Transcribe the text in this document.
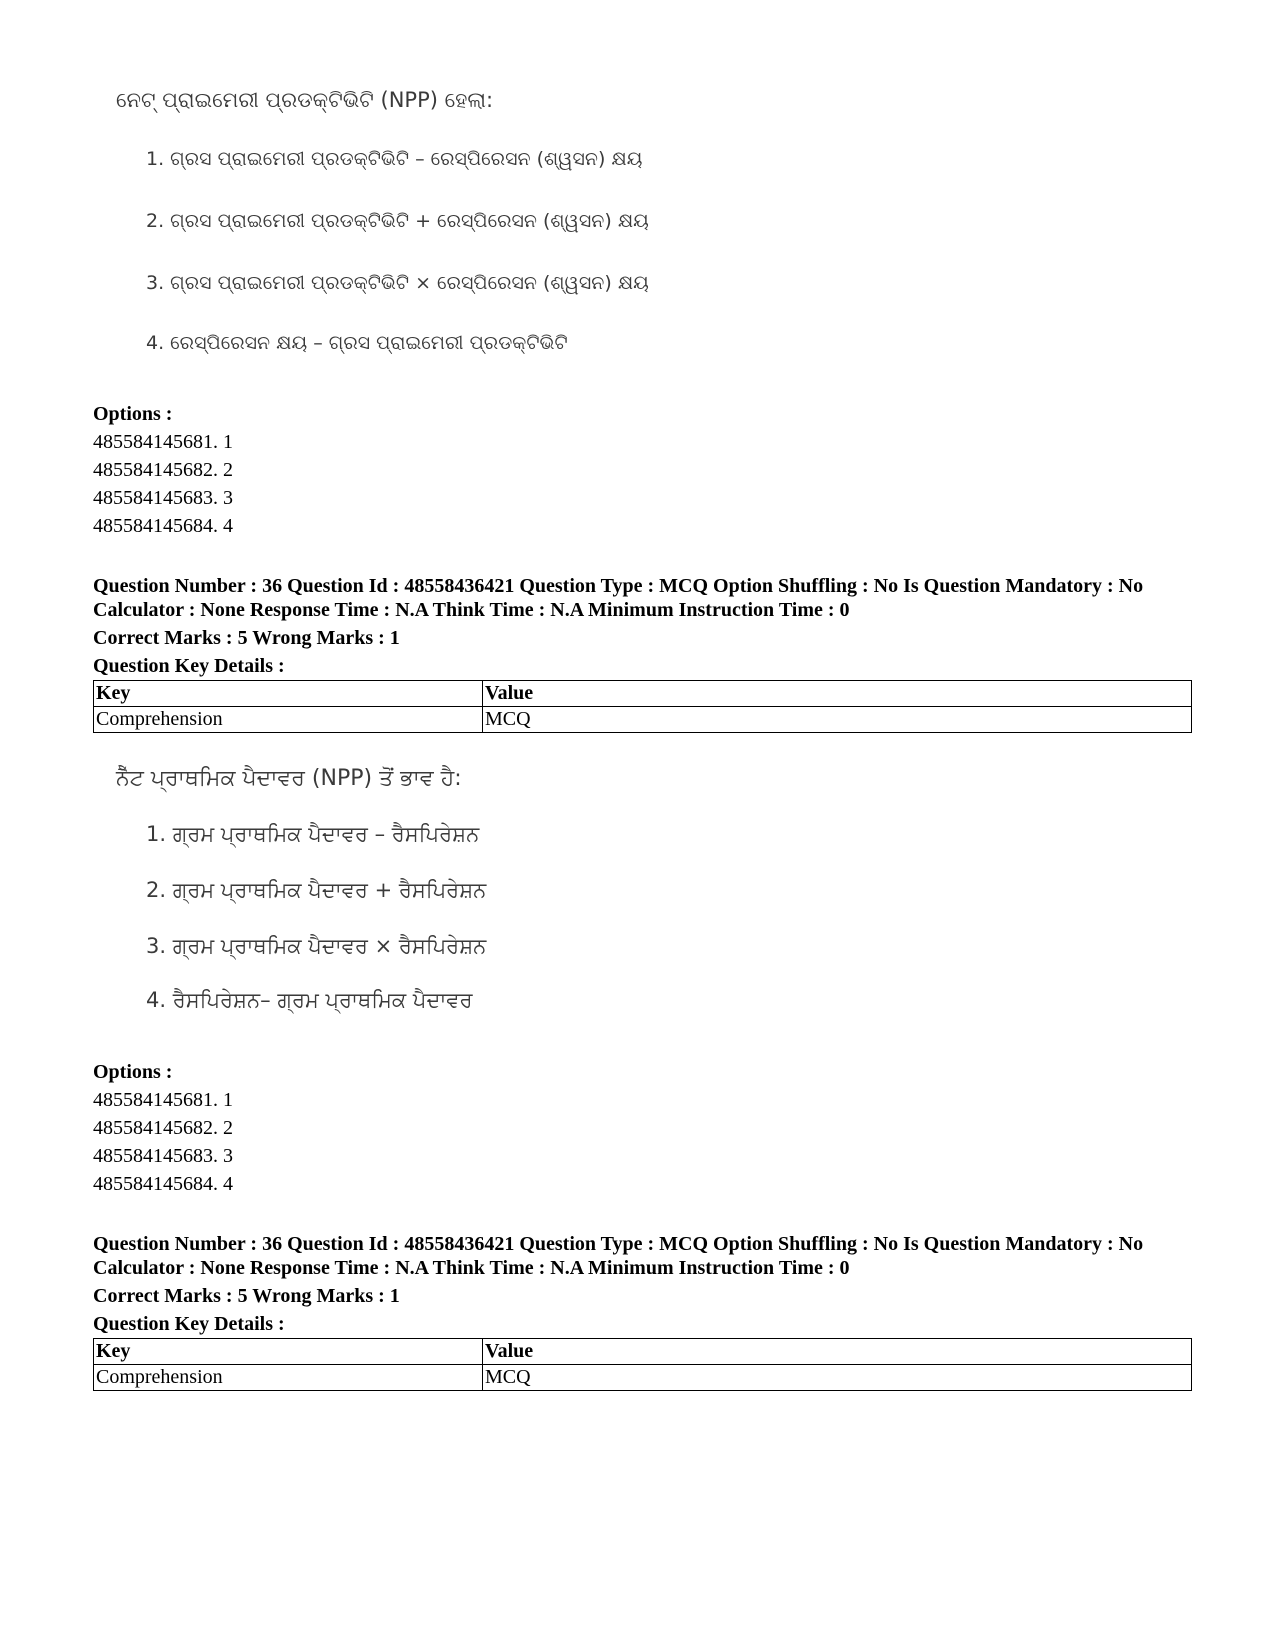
ନେଟ୍ ପ୍ରାଇମେରୀ ପ୍ରଡକ୍ଟିଭିଟି (NPP) ହେଲା:
1. ଗ୍ରସ ପ୍ରାଇମେରୀ ପ୍ରଡକ୍ଟିଭିଟି – ରେସ୍ପିରେସନ (ଶ୍ୱସନ) କ୍ଷୟ
2. ଗ୍ରସ ପ୍ରାଇମେରୀ ପ୍ରଡକ୍ଟିଭିଟି + ରେସ୍ପିରେସନ (ଶ୍ୱସନ) କ୍ଷୟ
3. ଗ୍ରସ ପ୍ରାଇମେରୀ ପ୍ରଡକ୍ଟିଭିଟି × ରେସ୍ପିରେସନ (ଶ୍ୱସନ) କ୍ଷୟ
4. ରେସ୍ପିରେସନ କ୍ଷୟ – ଗ୍ରସ ପ୍ରାଇମେରୀ ପ୍ରଡକ୍ଟିଭିଟି
Options :
485584145681. 1
485584145682. 2
485584145683. 3
485584145684. 4
Question Number : 36 Question Id : 48558436421 Question Type : MCQ Option Shuffling : No Is Question Mandatory : No Calculator : None Response Time : N.A Think Time : N.A Minimum Instruction Time : 0
Correct Marks : 5 Wrong Marks : 1
Question Key Details :
Key	Value
Comprehension	MCQ
ਨੈੱਟ ਪ੍ਰਾਥਮਿਕ ਪੈਦਾਵਰ (NPP) ਤੋਂ ਭਾਵ ਹੈ:
1. ਗ੍ਰਮ ਪ੍ਰਾਥਮਿਕ ਪੈਦਾਵਰ – ਰੈਸਪਿਰੇਸ਼ਨ
2. ਗ੍ਰਮ ਪ੍ਰਾਥਮਿਕ ਪੈਦਾਵਰ + ਰੈਸਪਿਰੇਸ਼ਨ
3. ਗ੍ਰਮ ਪ੍ਰਾਥਮਿਕ ਪੈਦਾਵਰ × ਰੈਸਪਿਰੇਸ਼ਨ
4. ਰੈਸਪਿਰੇਸ਼ਨ– ਗ੍ਰਮ ਪ੍ਰਾਥਮਿਕ ਪੈਦਾਵਰ
Options :
485584145681. 1
485584145682. 2
485584145683. 3
485584145684. 4
Question Number : 36 Question Id : 48558436421 Question Type : MCQ Option Shuffling : No Is Question Mandatory : No Calculator : None Response Time : N.A Think Time : N.A Minimum Instruction Time : 0
Correct Marks : 5 Wrong Marks : 1
Question Key Details :
Key	Value
Comprehension	MCQ
